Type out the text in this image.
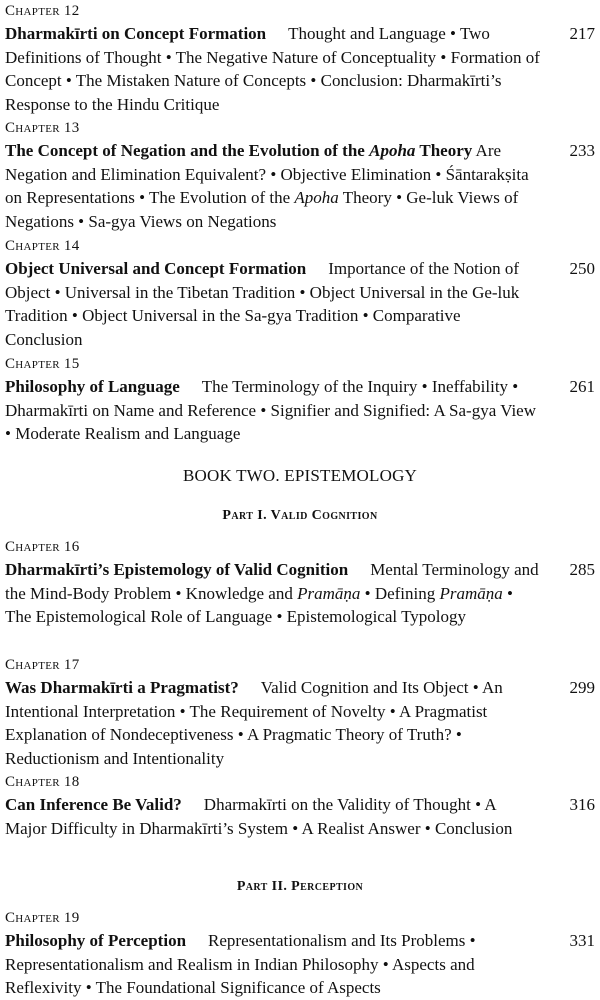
Chapter 12
Dharmakīrti on Concept Formation Thought and Language • Two Definitions of Thought • The Negative Nature of Conceptuality • Formation of Concept • The Mistaken Nature of Concepts • Conclusion: Dharmakīrti’s Response to the Hindu Critique
217
Chapter 13
The Concept of Negation and the Evolution of the Apoha Theory Are Negation and Elimination Equivalent? • Objective Elimination • Śāntarakṣita on Representations • The Evolution of the Apoha Theory • Ge-luk Views of Negations • Sa-gya Views on Negations
233
Chapter 14
Object Universal and Concept Formation Importance of the Notion of Object • Universal in the Tibetan Tradition • Object Universal in the Ge-luk Tradition • Object Universal in the Sa-gya Tradition • Comparative Conclusion
250
Chapter 15
Philosophy of Language The Terminology of the Inquiry • Ineffability • Dharmakīrti on Name and Reference • Signifier and Signified: A Sa-gya View • Moderate Realism and Language
261
BOOK TWO. EPISTEMOLOGY
Part I. Valid Cognition
Chapter 16
Dharmakīrti’s Epistemology of Valid Cognition Mental Terminology and the Mind-Body Problem • Knowledge and Pramāṇa • Defining Pramāṇa • The Epistemological Role of Language • Epistemological Typology
285
Chapter 17
Was Dharmakīrti a Pragmatist? Valid Cognition and Its Object • An Intentional Interpretation • The Requirement of Novelty • A Pragmatist Explanation of Nondeceptiveness • A Pragmatic Theory of Truth? • Reductionism and Intentionality
299
Chapter 18
Can Inference Be Valid? Dharmakīrti on the Validity of Thought • A Major Difficulty in Dharmakīrti’s System • A Realist Answer • Conclusion
316
Part II. Perception
Chapter 19
Philosophy of Perception Representationalism and Its Problems • Representationalism and Realism in Indian Philosophy • Aspects and Reflexivity • The Foundational Significance of Aspects
331
